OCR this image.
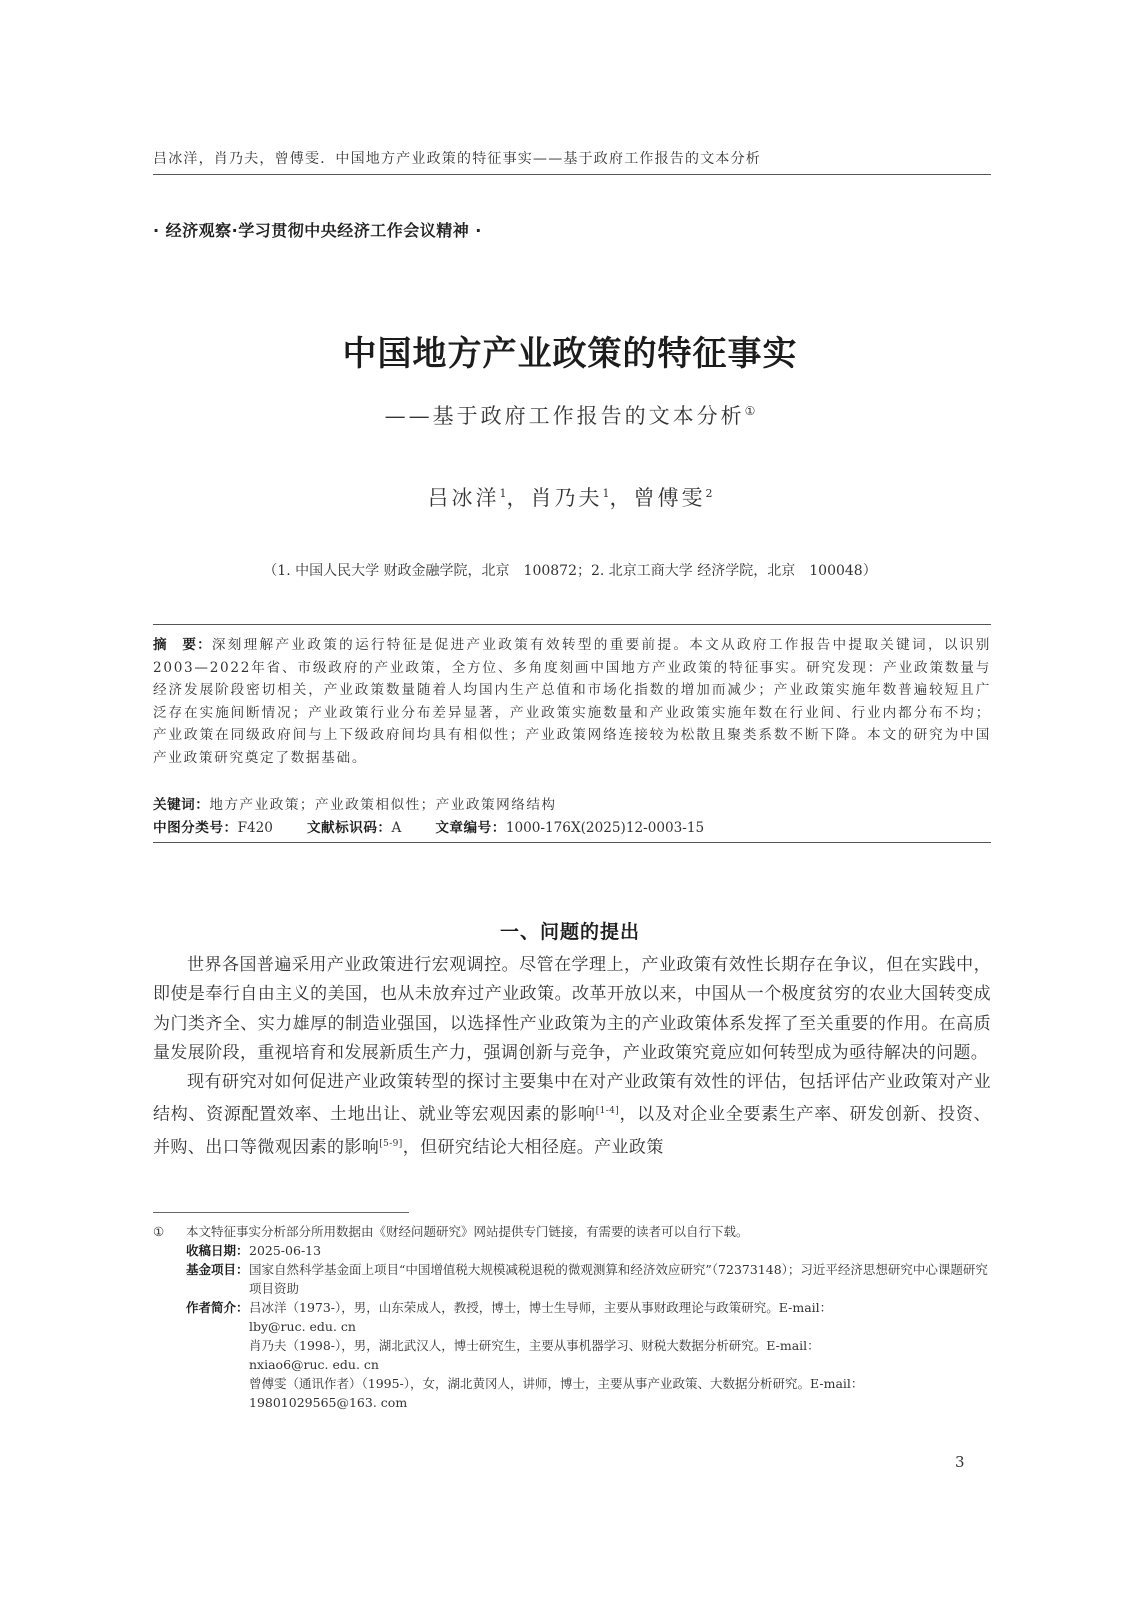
吕冰洋，肖乃夫，曾傅雯．中国地方产业政策的特征事实——基于政府工作报告的文本分析
· 经济观察·学习贯彻中央经济工作会议精神 ·
中国地方产业政策的特征事实
——基于政府工作报告的文本分析①
吕冰洋$^1$，肖乃夫$^1$，曾傅雯$^2$
（1. 中国人民大学 财政金融学院，北京　100872；2. 北京工商大学 经济学院，北京　100048）
摘　要：深刻理解产业政策的运行特征是促进产业政策有效转型的重要前提。本文从政府工作报告中提取关键词，以识别2003—2022年省、市级政府的产业政策，全方位、多角度刻画中国地方产业政策的特征事实。研究发现：产业政策数量与经济发展阶段密切相关，产业政策数量随着人均国内生产总值和市场化指数的增加而减少；产业政策实施年数普遍较短且广泛存在实施间断情况；产业政策行业分布差异显著，产业政策实施数量和产业政策实施年数在行业间、行业内都分布不均；产业政策在同级政府间与上下级政府间均具有相似性；产业政策网络连接较为松散且聚类系数不断下降。本文的研究为中国产业政策研究奠定了数据基础。
关键词：地方产业政策；产业政策相似性；产业政策网络结构
中图分类号：F420	文献标识码：A	文章编号：1000-176X(2025)12-0003-15
一、问题的提出

世界各国普遍采用产业政策进行宏观调控。尽管在学理上，产业政策有效性长期存在争议，但在实践中，即使是奉行自由主义的美国，也从未放弃过产业政策。改革开放以来，中国从一个极度贫穷的农业大国转变成为门类齐全、实力雄厚的制造业强国，以选择性产业政策为主的产业政策体系发挥了至关重要的作用。在高质量发展阶段，重视培育和发展新质生产力，强调创新与竞争，产业政策究竟应如何转型成为亟待解决的问题。

现有研究对如何促进产业政策转型的探讨主要集中在对产业政策有效性的评估，包括评估产业政策对产业结构、资源配置效率、土地出让、就业等宏观因素的影响[1-4]，以及对企业全要素生产率、研发创新、投资、并购、出口等微观因素的影响[5-9]，但研究结论大相径庭。产业政策

①	本文特征事实分析部分所用数据由《财经问题研究》网站提供专门链接，有需要的读者可以自行下载。
收稿日期： 2025-06-13
基金项目： 国家自然科学基金面上项目“中国增值税大规模减税退税的微观测算和经济效应研究”（72373148）；习近平经济思想研究中心课题研究项目资助
作者简介： 吕冰洋（1973-），男，山东荣成人，教授，博士，博士生导师，主要从事财政理论与政策研究。E-mail：
lby@ruc. edu. cn
肖乃夫（1998-），男，湖北武汉人，博士研究生，主要从事机器学习、财税大数据分析研究。E-mail：
nxiao6@ruc. edu. cn
曾傅雯（通讯作者）（1995-），女，湖北黄冈人，讲师，博士，主要从事产业政策、大数据分析研究。E-mail：
19801029565@163. com
3
